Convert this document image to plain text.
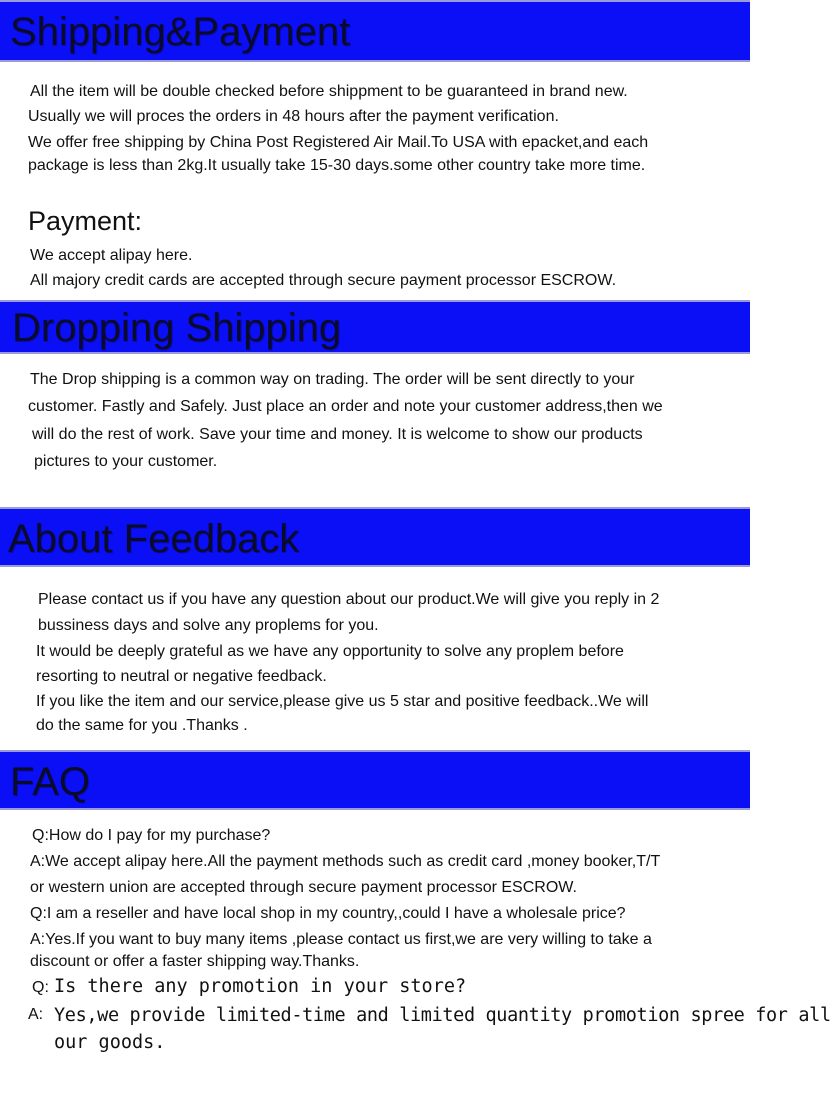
Shipping&Payment
All the item will be double checked before shippment to be guaranteed in brand new.
Usually we will proces the orders in 48 hours after the payment verification.
We offer free shipping by China Post Registered Air Mail.To USA with epacket,and each
package is less than 2kg.It usually take 15-30 days.some other country take more time.
Payment:
We accept alipay here.
All majory credit cards are accepted through secure payment processor ESCROW.
Dropping Shipping
The Drop shipping is a common way on trading. The order will be sent directly to your
customer. Fastly and Safely. Just place an order and note your customer address,then we
will do the rest of work. Save your time and money. It is welcome to show our products
pictures to your customer.
About Feedback
Please contact us if you have any question about our product.We will give you reply in 2
bussiness days and solve any proplems for you.
It would be deeply grateful as we have any opportunity to solve any proplem before
resorting to neutral or negative feedback.
If you like the item and our service,please give us 5 star and positive feedback..We will
do the same for you .Thanks .
FAQ
Q:How do I pay for my purchase?
A:We accept alipay here.All the payment methods such as credit card ,money booker,T/T
or western union are accepted through secure payment processor ESCROW.
Q:I am a reseller and have local shop in my country,,could I have a wholesale price?
A:Yes.If you want to buy many items ,please contact us first,we are very willing to take a
discount or offer a faster shipping way.Thanks.
Q: Is there any promotion in your store?
A: Yes,we provide limited-time and limited quantity promotion spree for all
our goods.
